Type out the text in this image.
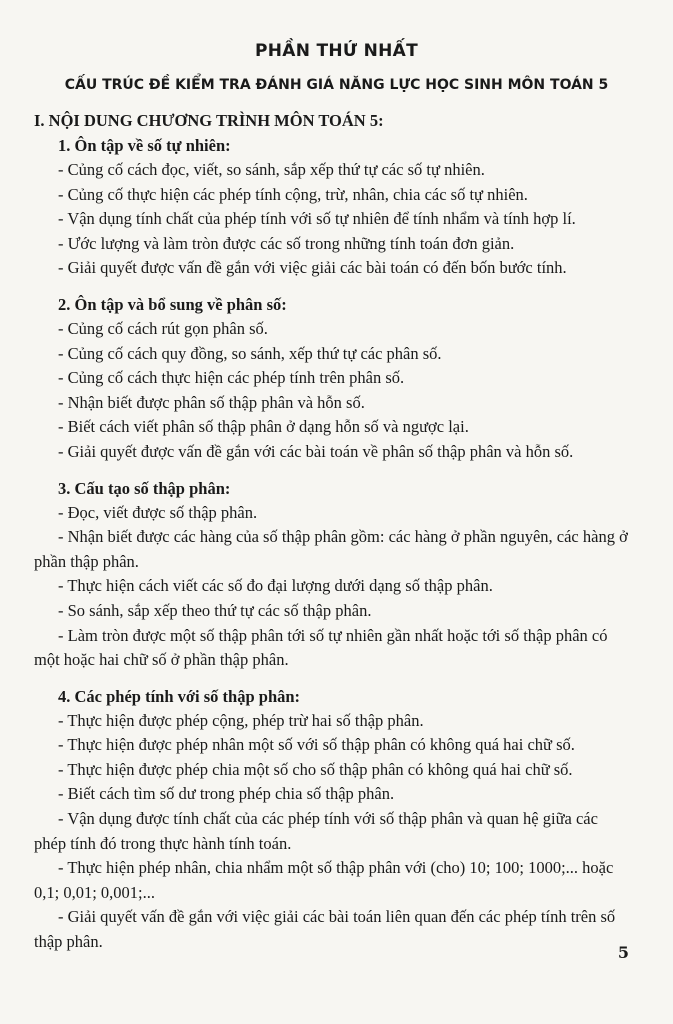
PHẦN THỨ NHẤT
CẤU TRÚC ĐỀ KIỂM TRA ĐÁNH GIÁ NĂNG LỰC HỌC SINH MÔN TOÁN 5

I. NỘI DUNG CHƯƠNG TRÌNH MÔN TOÁN 5:

1. Ôn tập về số tự nhiên:

- Củng cố cách đọc, viết, so sánh, sắp xếp thứ tự các số tự nhiên.
- Củng cố thực hiện các phép tính cộng, trừ, nhân, chia các số tự nhiên.
- Vận dụng tính chất của phép tính với số tự nhiên để tính nhẩm và tính hợp lí.
- Ước lượng và làm tròn được các số trong những tính toán đơn giản.
- Giải quyết được vấn đề gắn với việc giải các bài toán có đến bốn bước tính.

2. Ôn tập và bổ sung về phân số:

- Củng cố cách rút gọn phân số.
- Củng cố cách quy đồng, so sánh, xếp thứ tự các phân số.
- Củng cố cách thực hiện các phép tính trên phân số.
- Nhận biết được phân số thập phân và hỗn số.
- Biết cách viết phân số thập phân ở dạng hỗn số và ngược lại.
- Giải quyết được vấn đề gắn với các bài toán về phân số thập phân và hỗn số.

3. Cấu tạo số thập phân:

- Đọc, viết được số thập phân.
- Nhận biết được các hàng của số thập phân gồm: các hàng ở phần nguyên, các hàng ở phần thập phân.
- Thực hiện cách viết các số đo đại lượng dưới dạng số thập phân.
- So sánh, sắp xếp theo thứ tự các số thập phân.
- Làm tròn được một số thập phân tới số tự nhiên gần nhất hoặc tới số thập phân có một hoặc hai chữ số ở phần thập phân.

4. Các phép tính với số thập phân:

- Thực hiện được phép cộng, phép trừ hai số thập phân.
- Thực hiện được phép nhân một số với số thập phân có không quá hai chữ số.
- Thực hiện được phép chia một số cho số thập phân có không quá hai chữ số.
- Biết cách tìm số dư trong phép chia số thập phân.
- Vận dụng được tính chất của các phép tính với số thập phân và quan hệ giữa các phép tính đó trong thực hành tính toán.
- Thực hiện phép nhân, chia nhẩm một số thập phân với (cho) 10; 100; 1000;... hoặc 0,1; 0,01; 0,001;...
- Giải quyết vấn đề gắn với việc giải các bài toán liên quan đến các phép tính trên số thập phân.
5
